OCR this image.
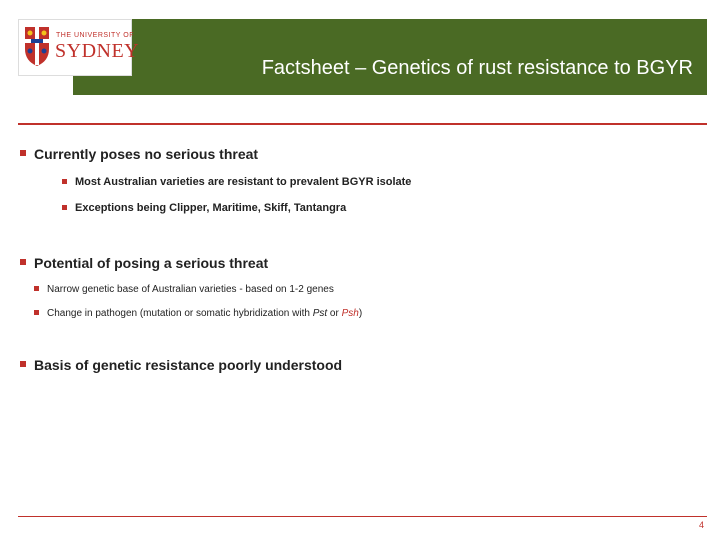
Factsheet – Genetics of rust resistance to BGYR
THE UNIVERSITY OF
SYDNEY
Currently poses no serious threat
Most Australian varieties are resistant to prevalent BGYR isolate
Exceptions being Clipper, Maritime, Skiff, Tantangra
Potential of posing a serious threat
Narrow genetic base of Australian varieties - based on 1-2 genes
Change in pathogen (mutation or somatic hybridization with Pst or Psh)
Basis of genetic resistance poorly understood
4
